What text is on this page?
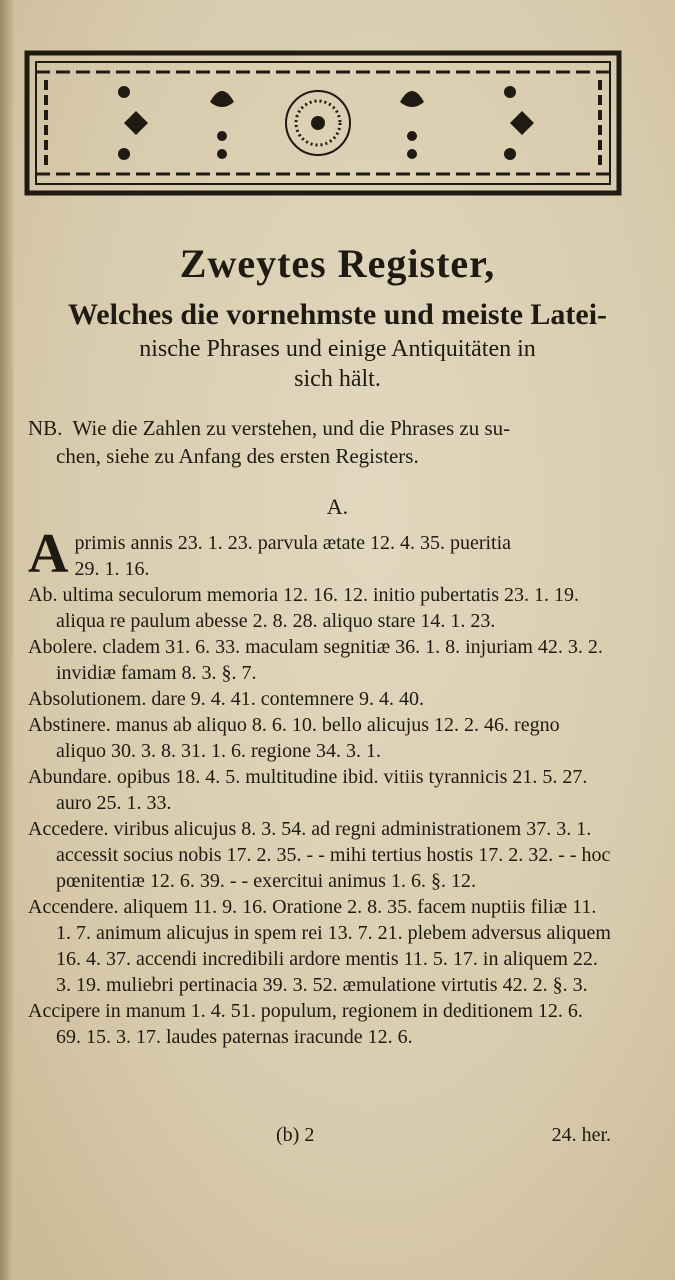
Zweytes Register,
Welches die vornehmste und meiste Latei-
nische Phrases und einige Antiquitäten in
sich hält.
NB. Wie die Zahlen zu verstehen, und die Phrases zu su-
chen, siehe zu Anfang des ersten Registers.
A.

A primis annis 23. 1. 23. parvula ætate 12. 4. 35. pueritia
29. 1. 16.

Ab. ultima seculorum memoria 12. 16. 12. initio pubertatis 23. 1. 19. aliqua re paulum abesse 2. 8. 28. aliquo stare 14. 1. 23.

Abolere. cladem 31. 6. 33. maculam segnitiæ 36. 1. 8. injuriam 42. 3. 2. invidiæ famam 8. 3. §. 7.

Absolutionem. dare 9. 4. 41. contemnere 9. 4. 40.

Abstinere. manus ab aliquo 8. 6. 10. bello alicujus 12. 2. 46. regno aliquo 30. 3. 8. 31. 1. 6. regione 34. 3. 1.

Abundare. opibus 18. 4. 5. multitudine ibid. vitiis tyrannicis 21. 5. 27. auro 25. 1. 33.

Accedere. viribus alicujus 8. 3. 54. ad regni administrationem 37. 3. 1. accessit socius nobis 17. 2. 35. - - mihi tertius hostis 17. 2. 32. - - hoc pœnitentiæ 12. 6. 39. - - exercitui animus 1. 6. §. 12.

Accendere. aliquem 11. 9. 16. Oratione 2. 8. 35. facem nuptiis filiæ 11. 1. 7. animum alicujus in spem rei 13. 7. 21. plebem adversus aliquem 16. 4. 37. accendi incredibili ardore mentis 11. 5. 17. in aliquem 22. 3. 19. muliebri pertinacia 39. 3. 52. æmulatione virtutis 42. 2. §. 3.

Accipere in manum 1. 4. 51. populum, regionem in deditionem 12. 6. 69. 15. 3. 17. laudes paternas iracunde 12. 6.

(b) 2	24. her.
